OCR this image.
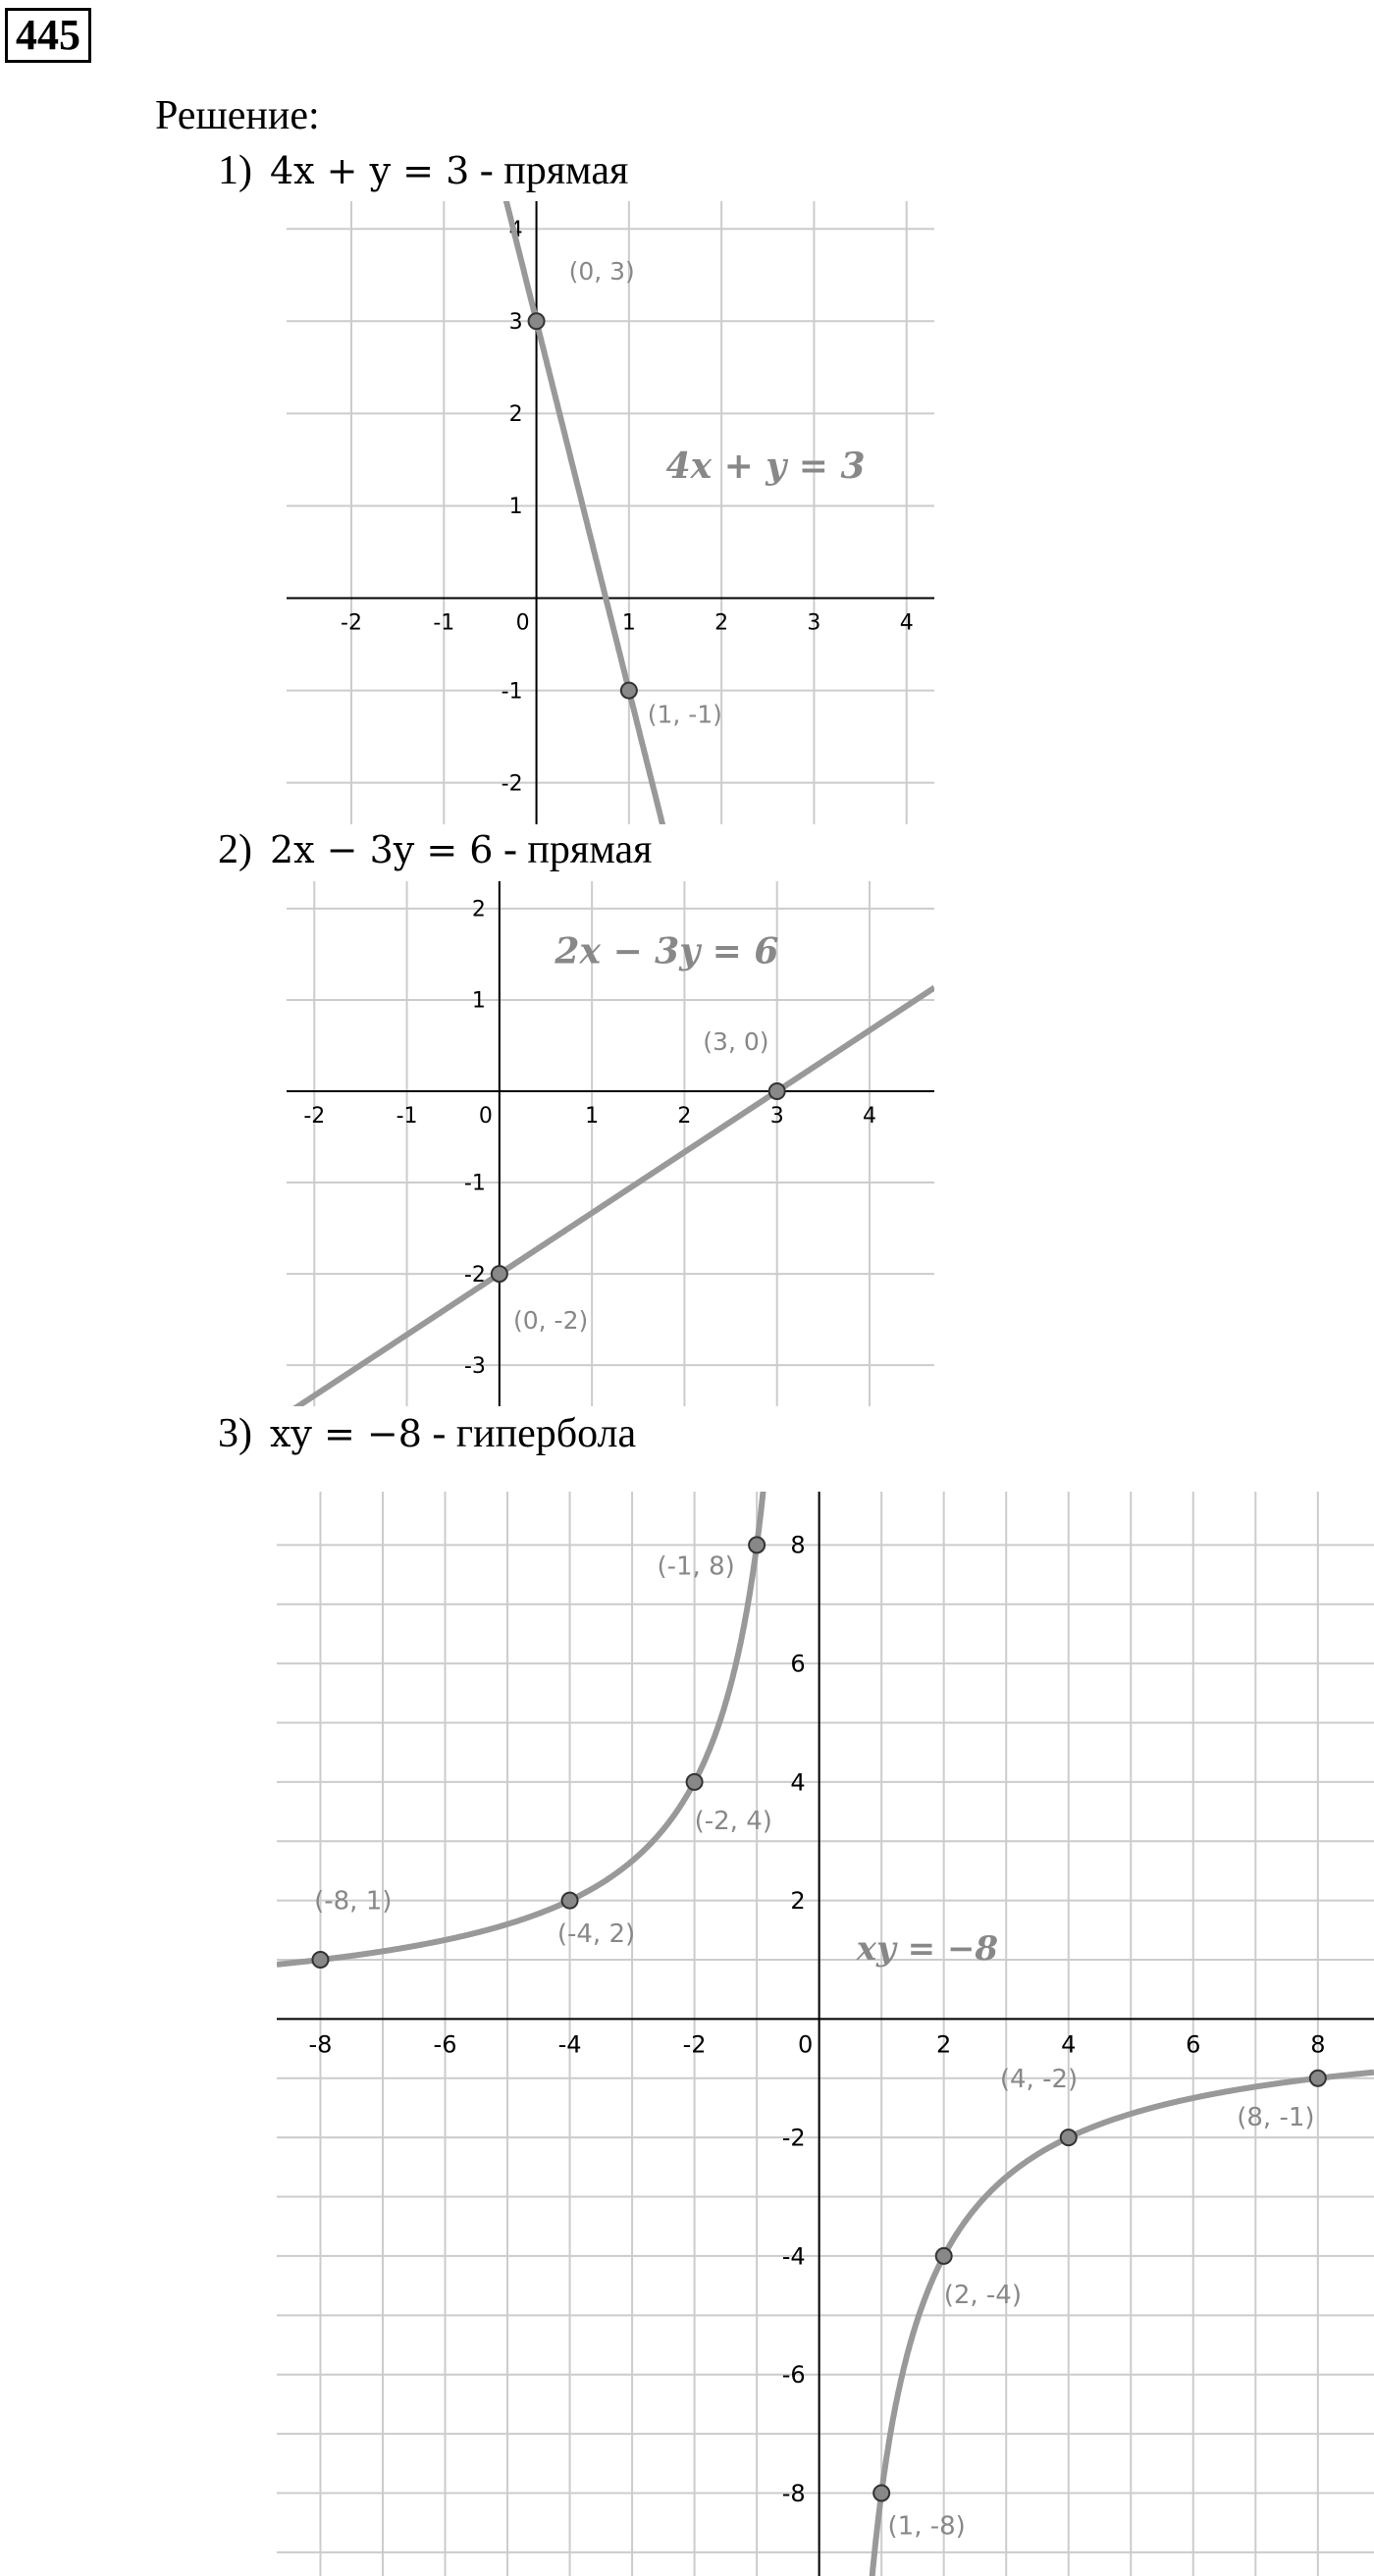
445
Решение:
1) 4x + y = 3 - прямая
2) 2x − 3y = 6 - прямая
3) xy = −8 - гипербола
-2	-1	0	1	2	3	4
-2
-1
1
2
3
4
(0, 3)
(1, -1)
4x + y = 3
-2	-1	0	1	2	3	4
-3
-2
-1
1
2
(3, 0)
(0, -2)
2x − 3y = 6
-8	-6	-4	-2	0	2	4	6	8
-8
-6
-4
-2
2
4
6
8
(-8, 1)
(-4, 2)
(-2, 4)
(-1, 8)
(1, -8)
(2, -4)
(4, -2)
(8, -1)
xy = −8
